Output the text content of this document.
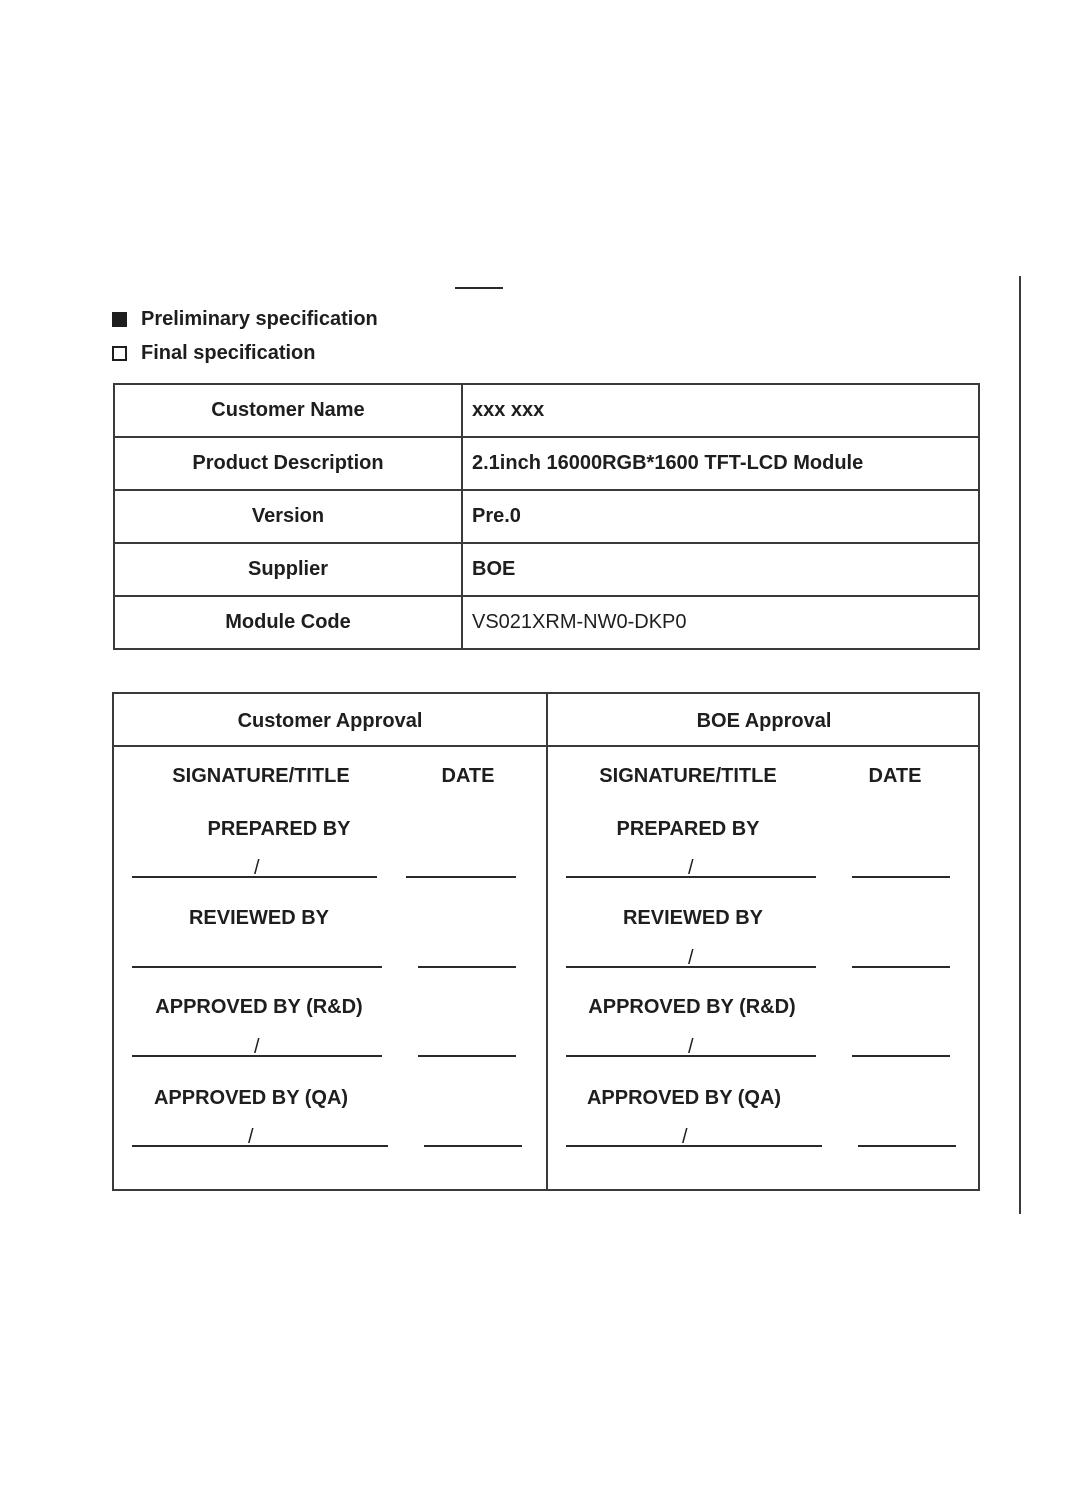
Preliminary specification
Final specification
Customer Name	xxx xxx
Product Description	2.1inch 16000RGB*1600 TFT-LCD Module
Version	Pre.0
Supplier	BOE
Module Code	VS021XRM-NW0-DKP0
Customer Approval	BOE Approval
SIGNATURE/TITLE	DATE
PREPARED BY
/
REVIEWED BY
APPROVED BY (R&D)
/
APPROVED BY (QA)
/
SIGNATURE/TITLE	DATE
PREPARED BY
/
REVIEWED BY
/
APPROVED BY (R&D)
/
APPROVED BY (QA)
/
